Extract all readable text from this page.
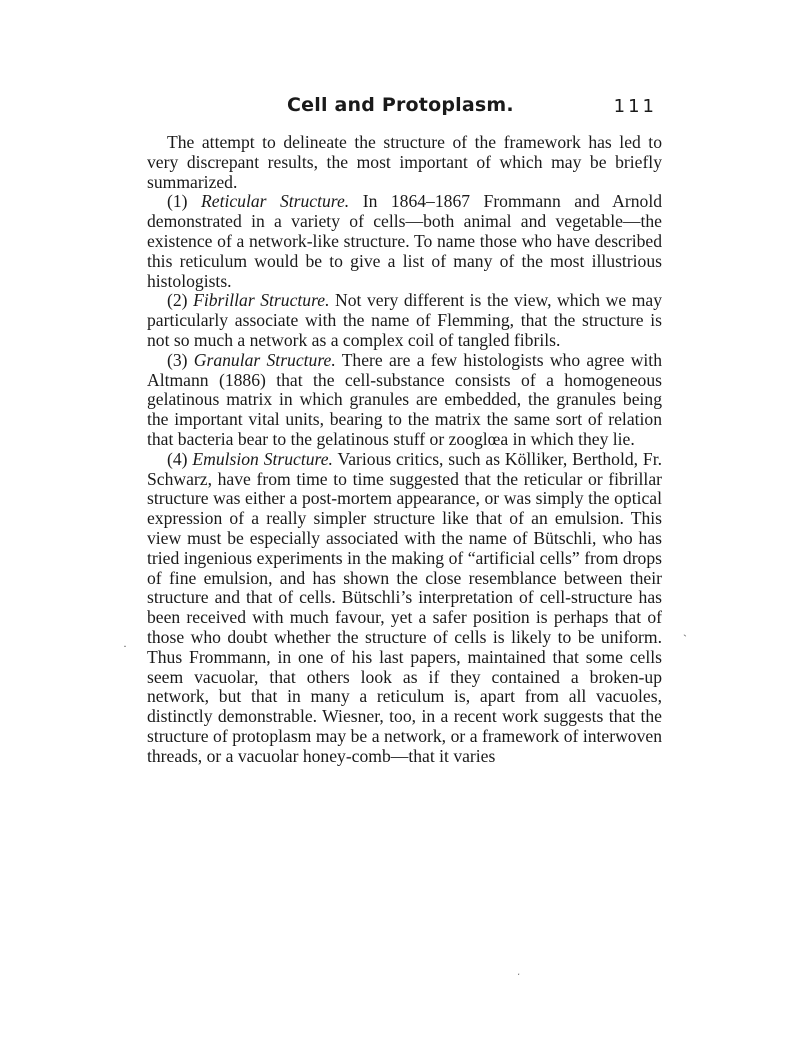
Cell and Protoplasm.	111

The attempt to delineate the structure of the framework has led to very discrepant results, the most important of which may be briefly summarized.

(1) Reticular Structure. In 1864–1867 Frommann and Arnold demonstrated in a variety of cells—both animal and vegetable—the existence of a network-like structure. To name those who have described this reticulum would be to give a list of many of the most illustrious histologists.

(2) Fibrillar Structure. Not very different is the view, which we may particularly associate with the name of Flemming, that the structure is not so much a network as a complex coil of tangled fibrils.

(3) Granular Structure. There are a few histologists who agree with Altmann (1886) that the cell-substance consists of a homogeneous gelatinous matrix in which granules are embedded, the granules being the important vital units, bearing to the matrix the same sort of relation that bacteria bear to the gelatinous stuff or zooglœa in which they lie.

(4) Emulsion Structure. Various critics, such as Kölliker, Berthold, Fr. Schwarz, have from time to time suggested that the reticular or fibrillar structure was either a post-mortem appearance, or was simply the optical expression of a really simpler structure like that of an emulsion. This view must be especially associated with the name of Bütschli, who has tried ingenious experiments in the making of “artificial cells” from drops of fine emulsion, and has shown the close resemblance between their structure and that of cells. Bütschli’s interpretation of cell-structure has been received with much favour, yet a safer position is perhaps that of those who doubt whether the structure of cells is likely to be uniform. Thus Frommann, in one of his last papers, maintained that some cells seem vacuolar, that others look as if they contained a broken-up network, but that in many a reticulum is, apart from all vacuoles, distinctly demonstrable. Wiesner, too, in a recent work suggests that the structure of protoplasm may be a network, or a framework of interwoven threads, or a vacuolar honey-comb—that it varies

·	ˋ
ˑ
